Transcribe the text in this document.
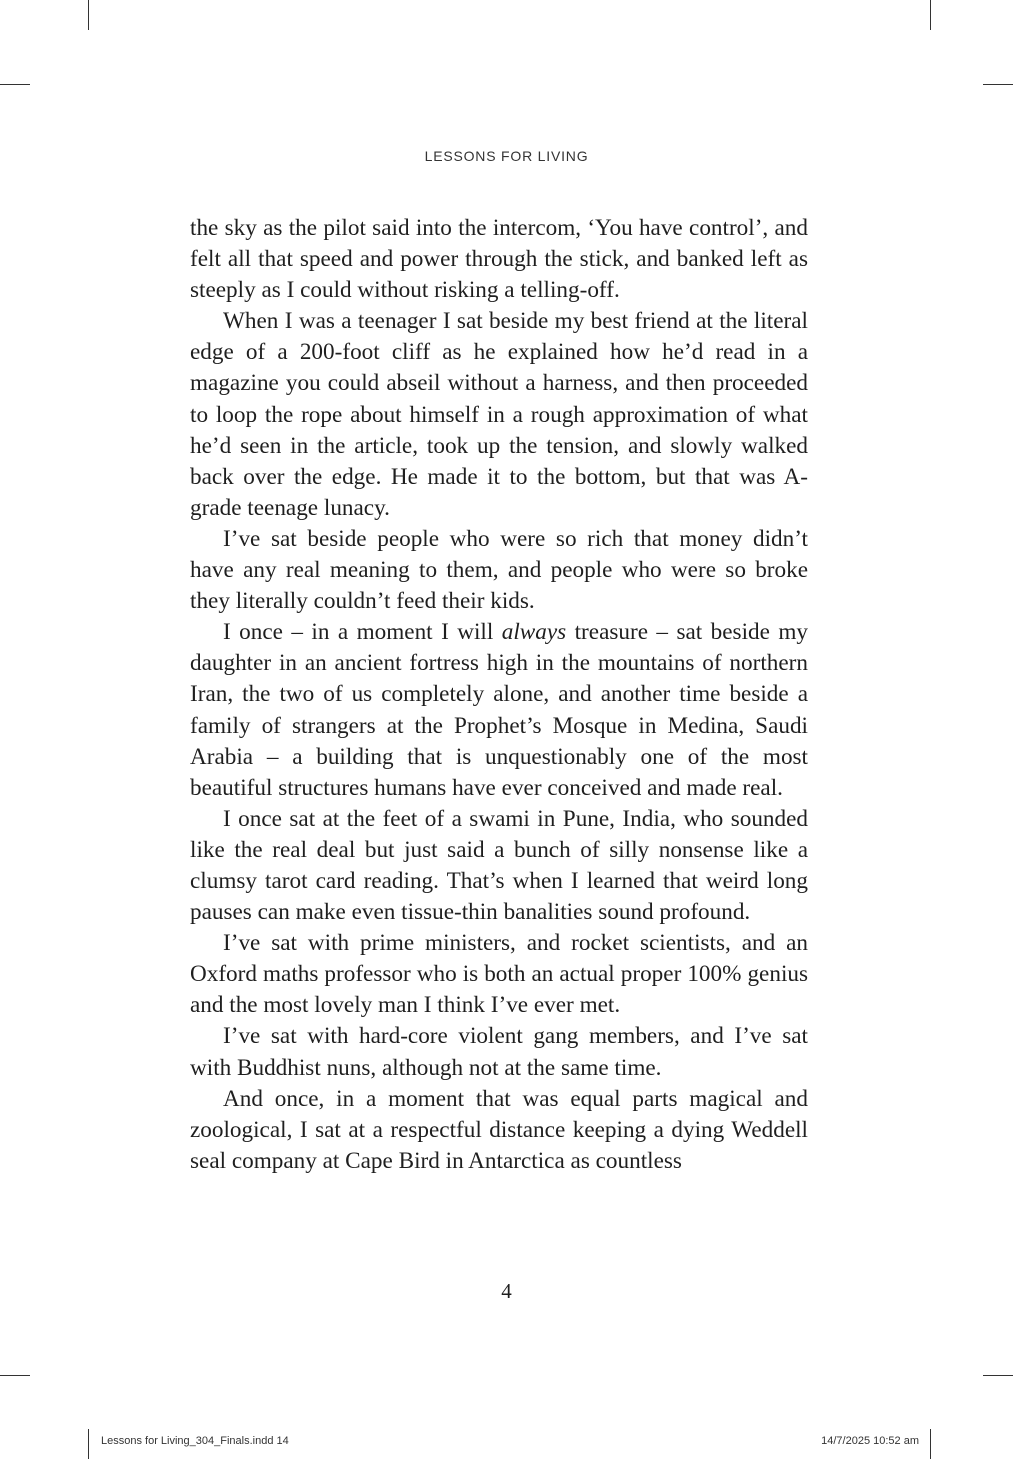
LESSONS FOR LIVING

the sky as the pilot said into the intercom, ‘You have control’, and felt all that speed and power through the stick, and banked left as steeply as I could without risking a telling-off.

When I was a teenager I sat beside my best friend at the literal edge of a 200-foot cliff as he explained how he’d read in a magazine you could abseil without a harness, and then proceeded to loop the rope about himself in a rough approximation of what he’d seen in the article, took up the tension, and slowly walked back over the edge. He made it to the bottom, but that was A-grade teenage lunacy.

I’ve sat beside people who were so rich that money didn’t have any real meaning to them, and people who were so broke they literally couldn’t feed their kids.

I once – in a moment I will always treasure – sat beside my daughter in an ancient fortress high in the mountains of northern Iran, the two of us completely alone, and another time beside a family of strangers at the Prophet’s Mosque in Medina, Saudi Arabia – a building that is unquestionably one of the most beautiful structures humans have ever conceived and made real.

I once sat at the feet of a swami in Pune, India, who sounded like the real deal but just said a bunch of silly nonsense like a clumsy tarot card reading. That’s when I learned that weird long pauses can make even tissue-thin banalities sound profound.

I’ve sat with prime ministers, and rocket scientists, and an Oxford maths professor who is both an actual proper 100% genius and the most lovely man I think I’ve ever met.

I’ve sat with hard-core violent gang members, and I’ve sat with Buddhist nuns, although not at the same time.

And once, in a moment that was equal parts magical and zoological, I sat at a respectful distance keeping a dying Weddell seal company at Cape Bird in Antarctica as countless

4
Lessons for Living_304_Finals.indd 14	14/7/2025 10:52 am
